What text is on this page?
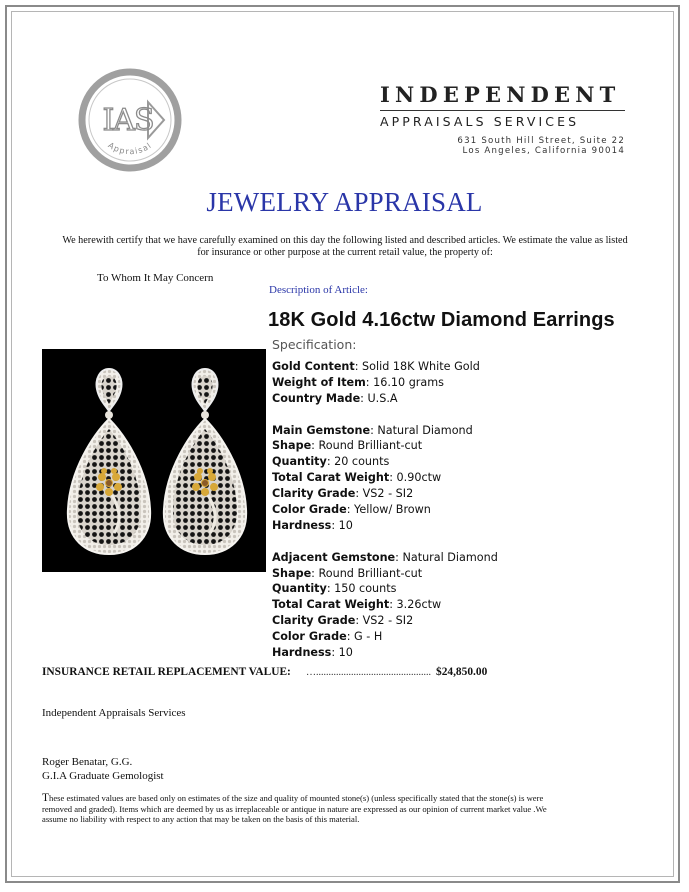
IAS
Appraisal
INDEPENDENT
APPRAISALS SERVICES
631 South Hill Street, Suite 22
Los Angeles, California 90014
JEWELRY APPRAISAL
We herewith certify that we have carefully examined on this day the following listed and described articles. We estimate the value as listed for insurance or other purpose at the current retail value, the property of:
To Whom It May Concern
Description of Article:
18K Gold 4.16ctw Diamond Earrings
Specification:
Gold Content: Solid 18K White Gold
Weight of Item: 16.10 grams
Country Made: U.S.A
Main Gemstone: Natural Diamond
Shape: Round Brilliant-cut
Quantity: 20 counts
Total Carat Weight: 0.90ctw
Clarity Grade: VS2 - SI2
Color Grade: Yellow/ Brown
Hardness: 10
Adjacent Gemstone: Natural Diamond
Shape: Round Brilliant-cut
Quantity: 150 counts
Total Carat Weight: 3.26ctw
Clarity Grade: VS2 - SI2
Color Grade: G - H
Hardness: 10
INSURANCE RETAIL REPLACEMENT VALUE: ….............................................. $24,850.00
Independent Appraisals Services
Roger Benatar, G.G.
G.I.A Graduate Gemologist
These estimated values are based only on estimates of the size and quality of mounted stone(s) (unless specifically stated that the stone(s) is were removed and graded). Items which are deemed by us as irreplaceable or antique in nature are expressed as our opinion of current market value .We assume no liability with respect to any action that may be taken on the basis of this material.
